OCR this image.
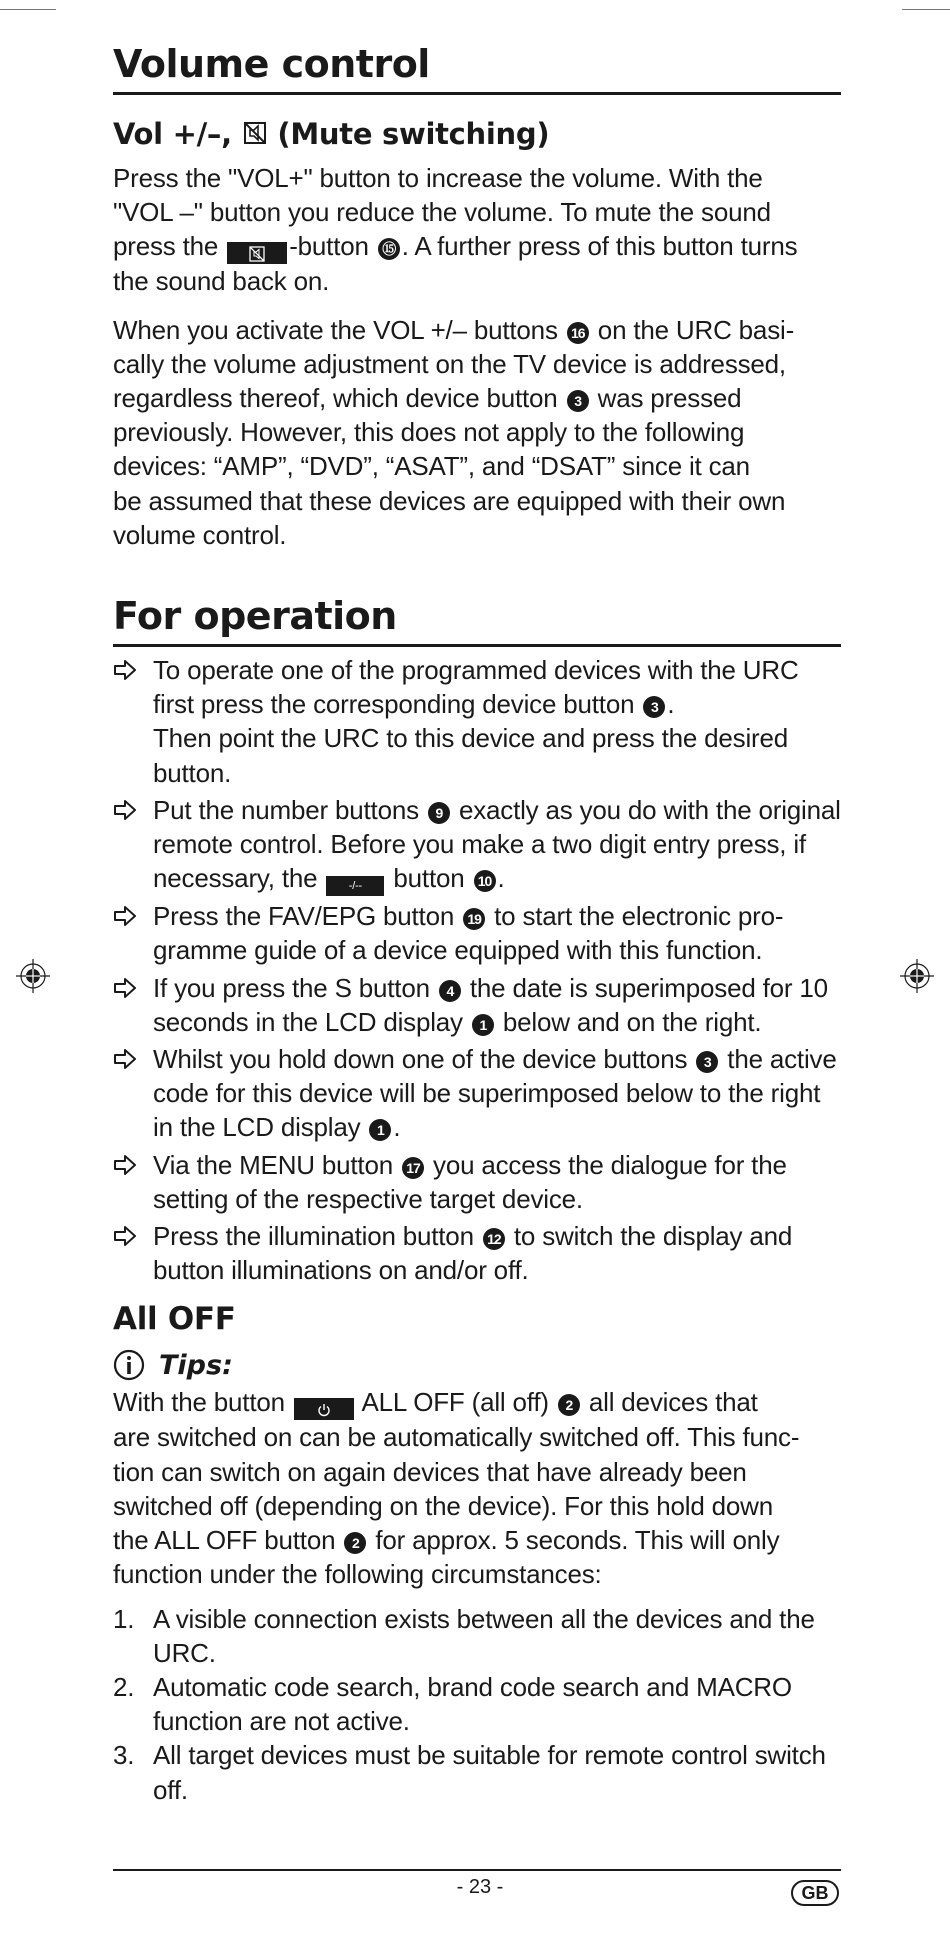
Volume control
Vol +/–, (Mute switching)

Press the "VOL+" button to increase the volume. With the
"VOL –" button you reduce the volume. To mute the sound
press the	-button ⑮ . A further press of this button turns
the sound back on.

When you activate the VOL +/– buttons 16 on the URC basi-
cally the volume adjustment on the TV device is addressed,
regardless thereof, which device button 3 was pressed
previously. However, this does not apply to the following
devices: “AMP”, “DVD”, “ASAT”, and “DSAT” since it can
be assumed that these devices are equipped with their own
volume control.

For operation
To operate one of the programmed devices with the URC first press the corresponding device button 3 .
Then point the URC to this device and press the desired button.
Put the number buttons 9 exactly as you do with the original remote control. Before you make a two digit entry press, if necessary, the -/-- button 10 .
Press the FAV/EPG button 19 to start the electronic pro-gramme guide of a device equipped with this function.
If you press the S button 4 the date is superimposed for 10 seconds in the LCD display 1 below and on the right.
Whilst you hold down one of the device buttons 3 the active code for this device will be superimposed below to the right in the LCD display 1 .
Via the MENU button 17 you access the dialogue for the setting of the respective target device.
Press the illumination button 12 to switch the display and button illuminations on and/or off.
All OFF
Tips:

With the button  ALL OFF (all off) 2 all devices that
are switched on can be automatically switched off. This func-
tion can switch on again devices that have already been
switched off (depending on the device). For this hold down
the ALL OFF button 2 for approx. 5 seconds. This will only
function under the following circumstances:

1. A visible connection exists between all the devices and the URC.
2. Automatic code search, brand code search and MACRO function are not active.
3. All target devices must be suitable for remote control switch off.
- 23 -	GB
